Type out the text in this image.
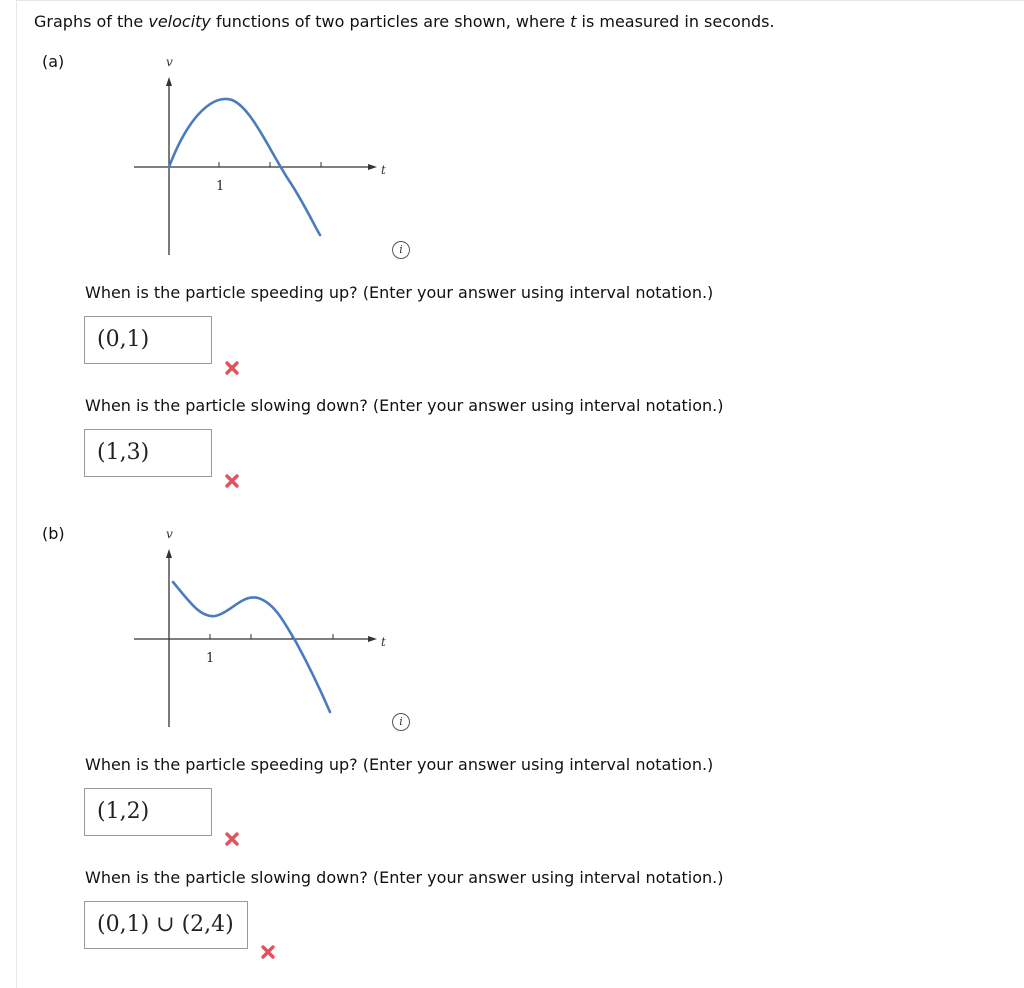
Graphs of the velocity functions of two particles are shown, where t is measured in seconds.
(a)	v
t
1
i
When is the particle speeding up? (Enter your answer using interval notation.)
(0,1)
When is the particle slowing down? (Enter your answer using interval notation.)
(1,3)
(b)	v
t
1
i
When is the particle speeding up? (Enter your answer using interval notation.)
(1,2)
When is the particle slowing down? (Enter your answer using interval notation.)
(0,1) ∪ (2,4)
